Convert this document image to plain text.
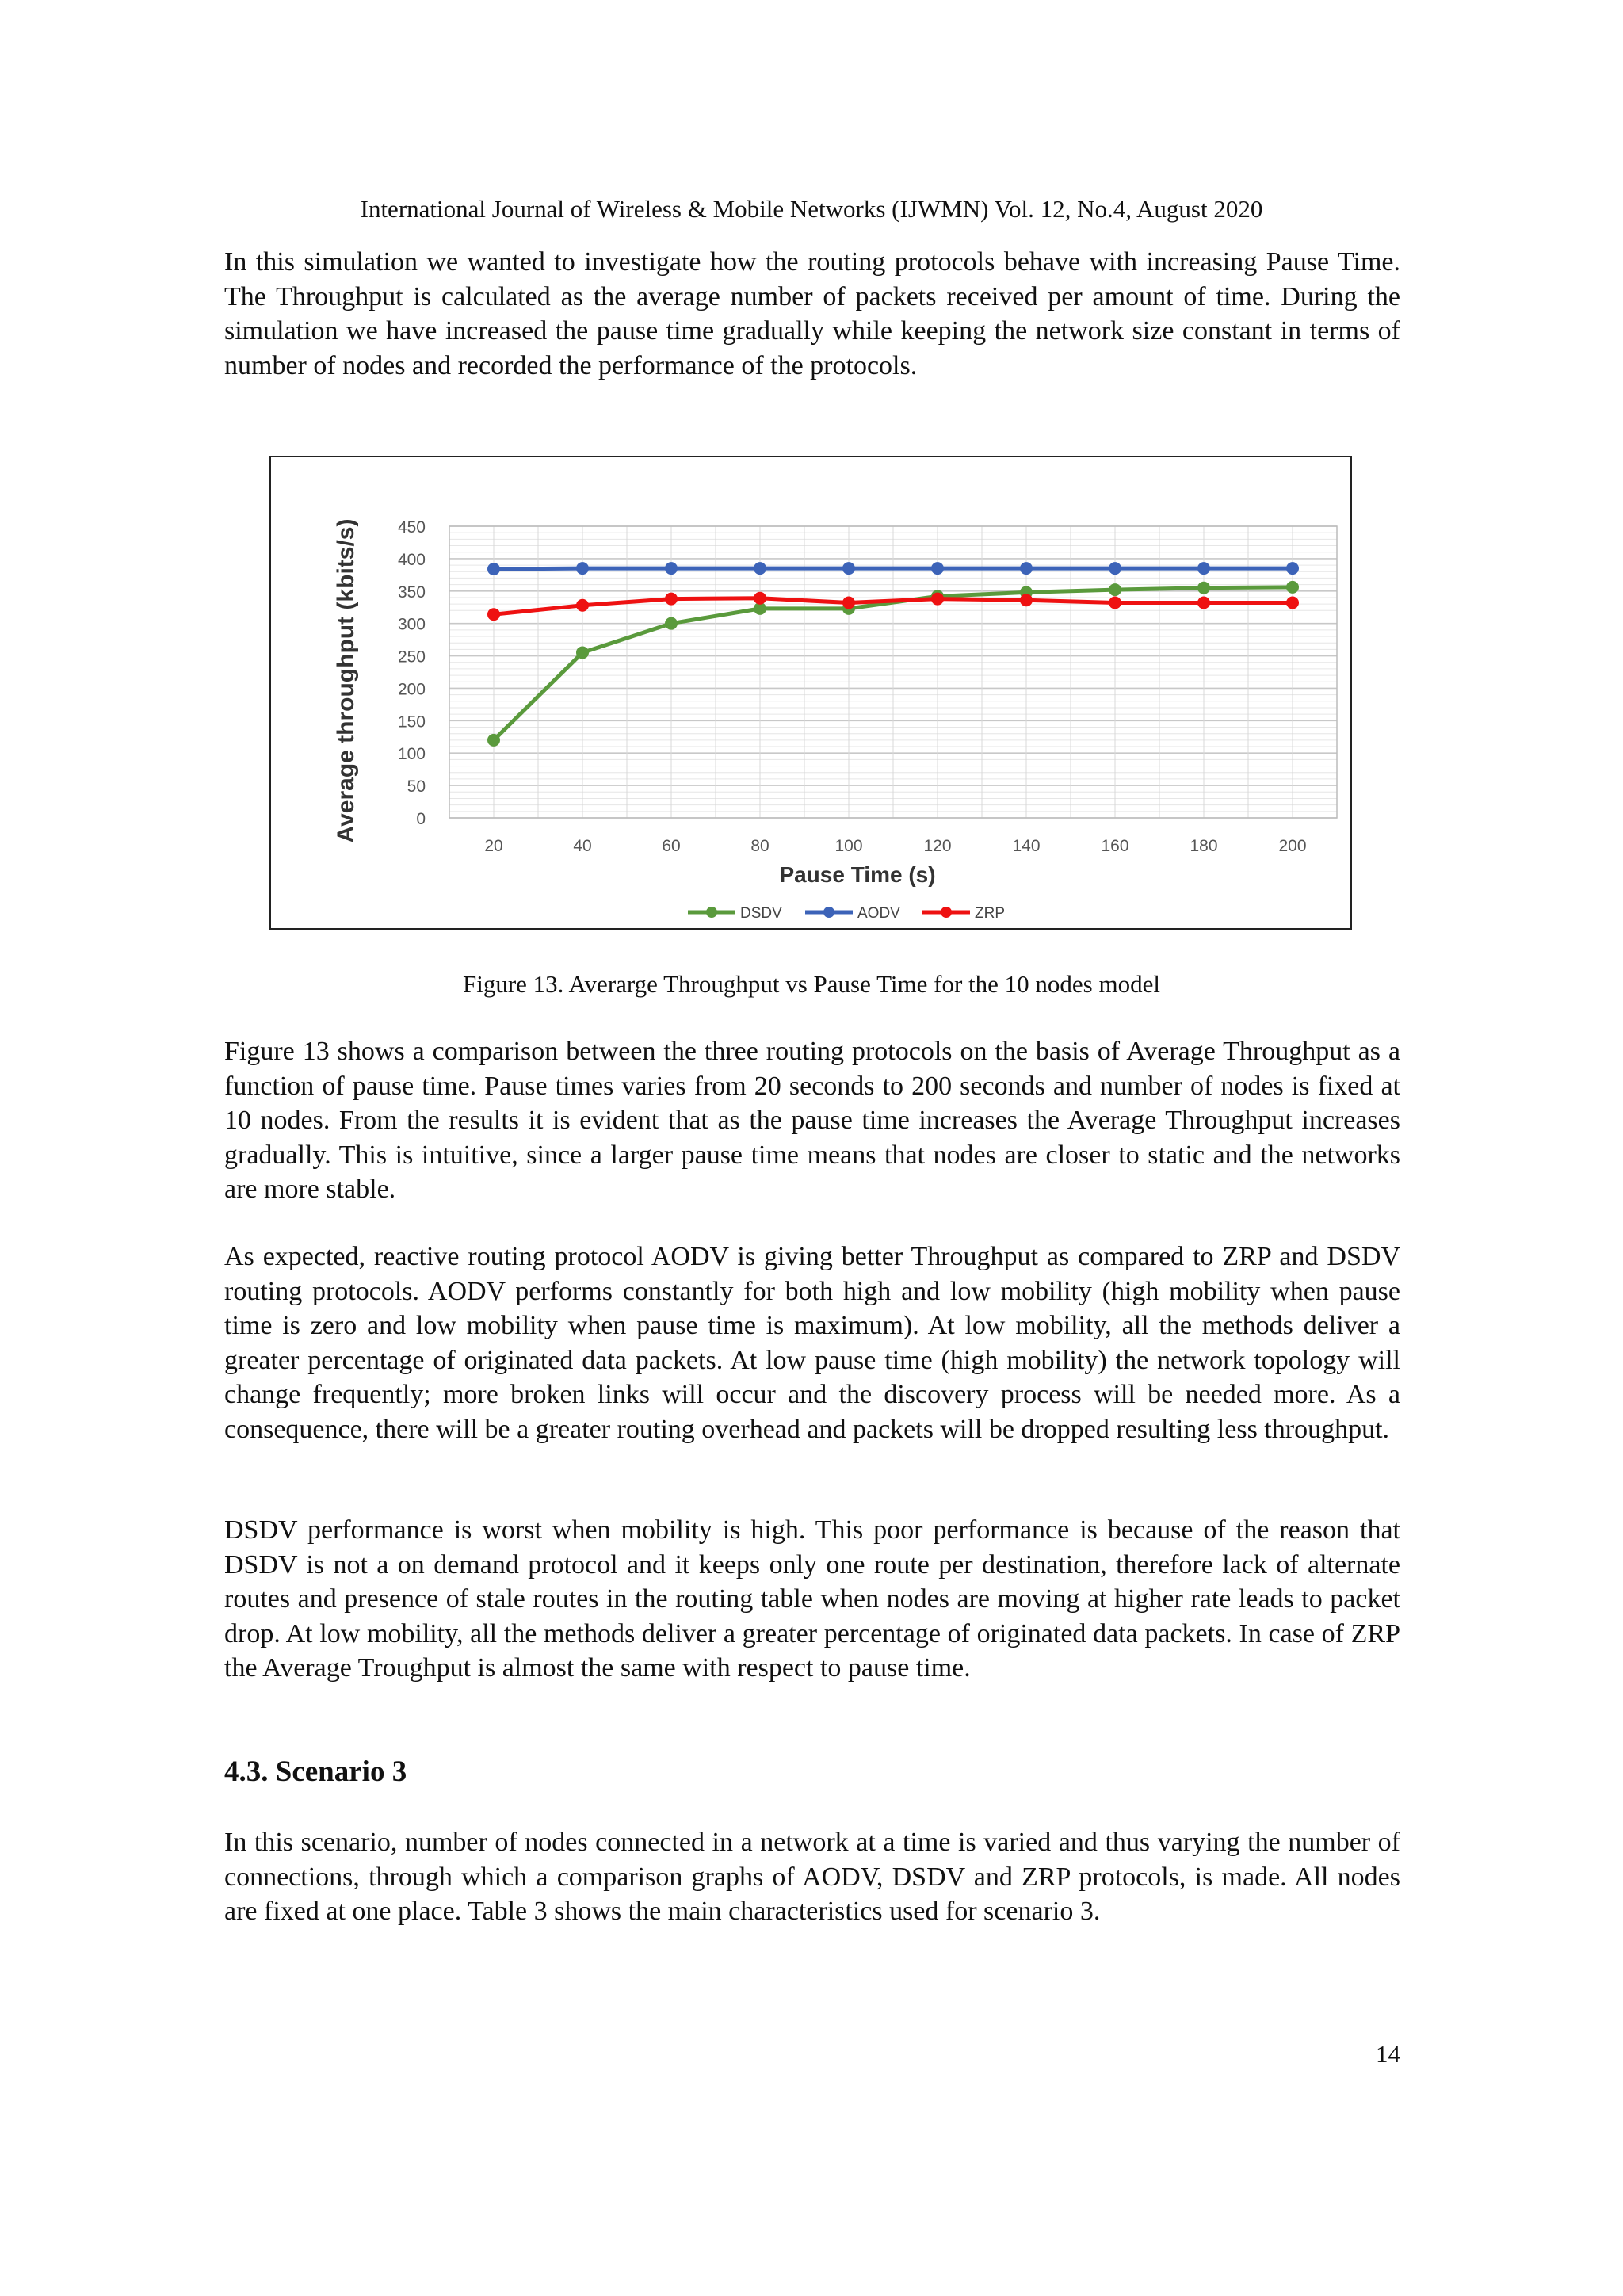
International Journal of Wireless & Mobile Networks (IJWMN) Vol. 12, No.4, August 2020

In this simulation we wanted to investigate how the routing protocols behave with increasing Pause Time. The Throughput is calculated as the average number of packets received per amount of time. During the simulation we have increased the pause time gradually while keeping the network size constant in terms of number of nodes and recorded the performance of the protocols.

0
50
100
150
200
250
300
350
400
450
20	40	60	80	100	120	140	160	180	200
Average throughput (kbits/s)
Pause Time (s)
DSDV	AODV	ZRP
Figure 13. Averarge Throughput vs Pause Time for the 10 nodes model

Figure 13 shows a comparison between the three routing protocols on the basis of Average Throughput as a function of pause time. Pause times varies from 20 seconds to 200 seconds and number of nodes is fixed at 10 nodes. From the results it is evident that as the pause time increases the Average Throughput increases gradually. This is intuitive, since a larger pause time means that nodes are closer to static and the networks are more stable.

As expected, reactive routing protocol AODV is giving better Throughput as compared to ZRP and DSDV routing protocols. AODV performs constantly for both high and low mobility (high mobility when pause time is zero and low mobility when pause time is maximum). At low mobility, all the methods deliver a greater percentage of originated data packets. At low pause time (high mobility) the network topology will change frequently; more broken links will occur and the discovery process will be needed more. As a consequence, there will be a greater routing overhead and packets will be dropped resulting less throughput.

DSDV performance is worst when mobility is high. This poor performance is because of the reason that DSDV is not a on demand protocol and it keeps only one route per destination, therefore lack of alternate routes and presence of stale routes in the routing table when nodes are moving at higher rate leads to packet drop. At low mobility, all the methods deliver a greater percentage of originated data packets. In case of ZRP the Average Troughput is almost the same with respect to pause time.

4.3. Scenario 3

In this scenario, number of nodes connected in a network at a time is varied and thus varying the number of connections, through which a comparison graphs of AODV, DSDV and ZRP protocols, is made. All nodes are fixed at one place. Table 3 shows the main characteristics used for scenario 3.

14
